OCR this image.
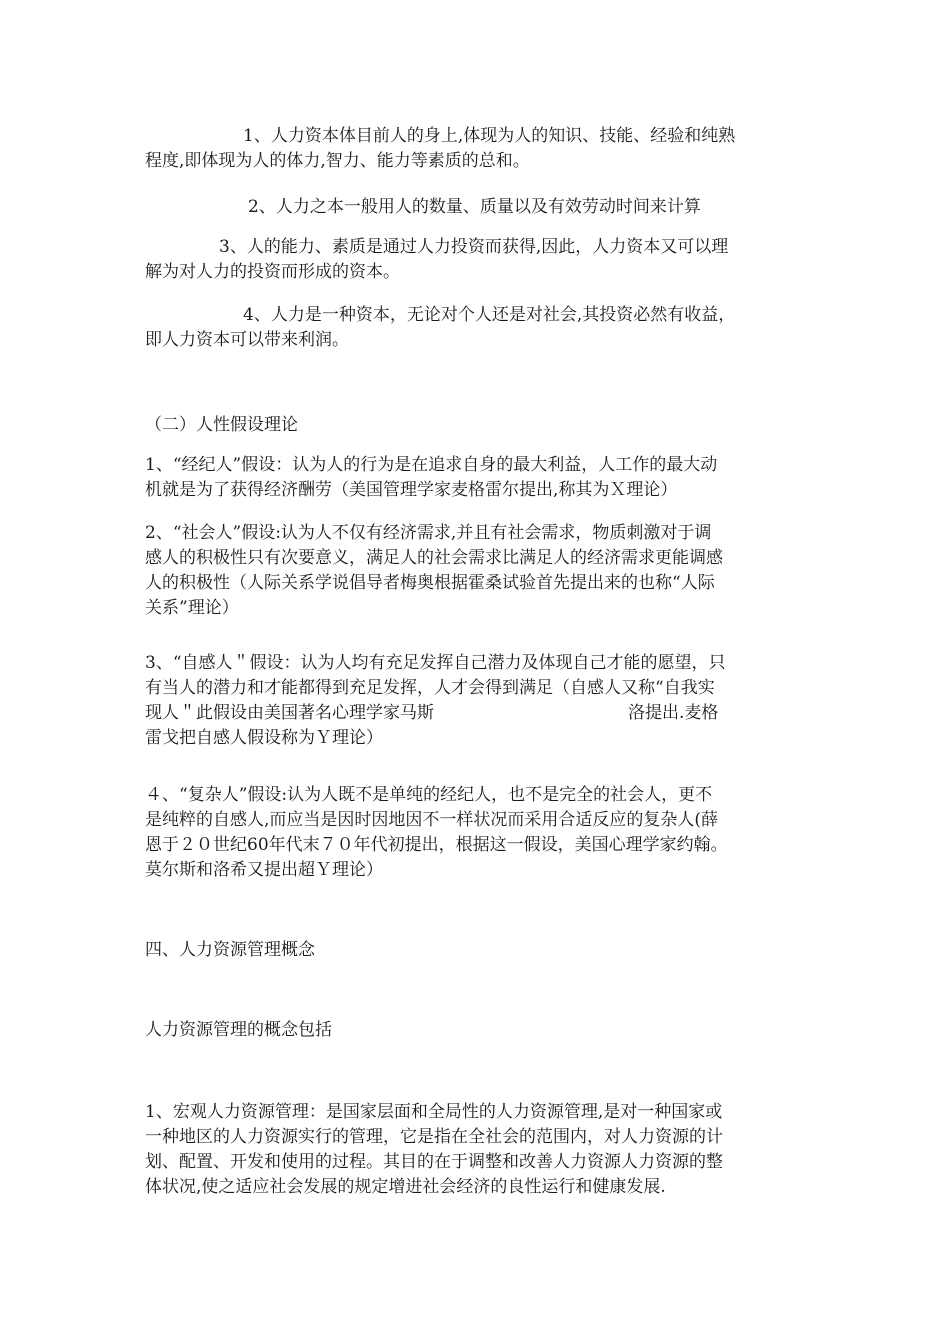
1、人力资本体目前人的身上,体现为人的知识、技能、经验和纯熟
程度,即体现为人的体力,智力、能力等素质的总和。

2、人力之本一般用人的数量、质量以及有效劳动时间来计算

3、人的能力、素质是通过人力投资而获得,因此，人力资本又可以理
解为对人力的投资而形成的资本。

4、人力是一种资本，无论对个人还是对社会,其投资必然有收益，
即人力资本可以带来利润。

（二）人性假设理论

1、“经纪人”假设：认为人的行为是在追求自身的最大利益，人工作的最大动
机就是为了获得经济酬劳（美国管理学家麦格雷尔提出,称其为Ｘ理论）

2、“社会人”假设:认为人不仅有经济需求,并且有社会需求，物质刺激对于调
感人的积极性只有次要意义，满足人的社会需求比满足人的经济需求更能调感
人的积极性（人际关系学说倡导者梅奥根据霍桑试验首先提出来的也称“人际
关系”理论）

3、“自感人＂假设：认为人均有充足发挥自己潜力及体现自己才能的愿望，只
有当人的潜力和才能都得到充足发挥，人才会得到满足（自感人又称“自我实
现人＂此假设由美国著名心理学家马斯	洛提出.麦格
雷戈把自感人假设称为Ｙ理论）

４、“复杂人”假设:认为人既不是单纯的经纪人，也不是完全的社会人，更不
是纯粹的自感人,而应当是因时因地因不一样状况而采用合适反应的复杂人(薛
恩于２０世纪60年代末７０年代初提出，根据这一假设，美国心理学家约翰。
莫尔斯和洛希又提出超Ｙ理论）

四、人力资源管理概念

人力资源管理的概念包括

1、宏观人力资源管理：是国家层面和全局性的人力资源管理,是对一种国家或
一种地区的人力资源实行的管理，它是指在全社会的范围内，对人力资源的计
划、配置、开发和使用的过程。其目的在于调整和改善人力资源人力资源的整
体状况,使之适应社会发展的规定增进社会经济的良性运行和健康发展.
